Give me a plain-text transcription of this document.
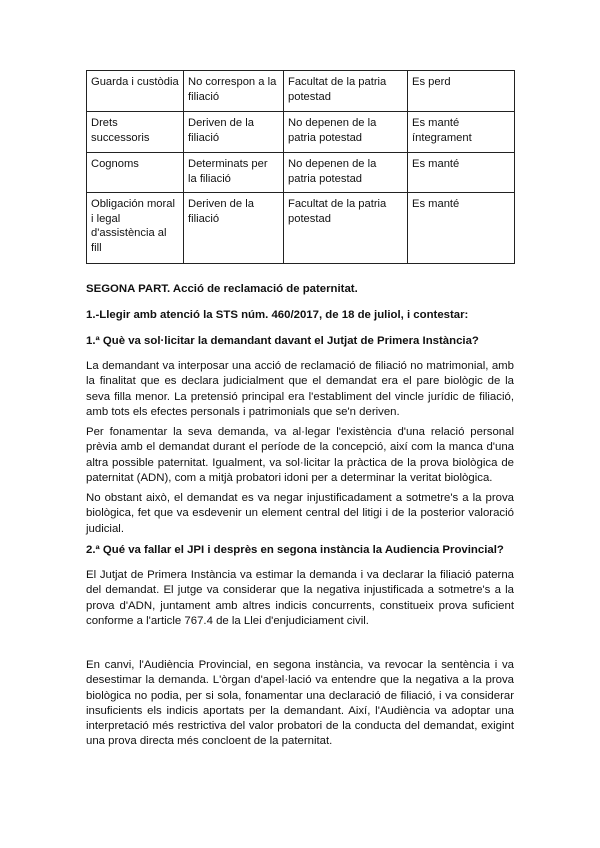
Guarda i custòdia	No correspon a la filiació	Facultat de la patria potestad	Es perd
Drets successoris	Deriven de la filiació	No depenen de la patria potestad	Es manté íntegrament
Cognoms	Determinats per la filiació	No depenen de la patria potestad	Es manté
Obligación moral i legal d'assistència al fill	Deriven de la filiació	Facultat de la patria potestad	Es manté
SEGONA PART. Acció de reclamació de paternitat.
1.-Llegir amb atenció la STS núm. 460/2017, de 18 de juliol, i contestar:
1.ª Què va sol·licitar la demandant davant el Jutjat de Primera Instància?

La demandant va interposar una acció de reclamació de filiació no matrimonial, amb la finalitat que es declara judicialment que el demandat era el pare biològic de la seva filla menor. La pretensió principal era l'establiment del vincle jurídic de filiació, amb tots els efectes personals i patrimonials que se'n deriven.

Per fonamentar la seva demanda, va al·legar l'existència d'una relació personal prèvia amb el demandat durant el període de la concepció, així com la manca d'una altra possible paternitat. Igualment, va sol·licitar la pràctica de la prova biològica de paternitat (ADN), com a mitjà probatori idoni per a determinar la veritat biològica.

No obstant això, el demandat es va negar injustificadament a sotmetre's a la prova biològica, fet que va esdevenir un element central del litigi i de la posterior valoració judicial.

2.ª Qué va fallar el JPI i desprès en segona instància la Audiencia Provincial?

El Jutjat de Primera Instància va estimar la demanda i va declarar la filiació paterna del demandat. El jutge va considerar que la negativa injustificada a sotmetre's a la prova d'ADN, juntament amb altres indicis concurrents, constitueix prova suficient conforme a l'article 767.4 de la Llei d'enjudiciament civil.

En canvi, l'Audiència Provincial, en segona instància, va revocar la sentència i va desestimar la demanda. L'òrgan d'apel·lació va entendre que la negativa a la prova biològica no podia, per si sola, fonamentar una declaració de filiació, i va considerar insuficients els indicis aportats per la demandant. Així, l'Audiència va adoptar una interpretació més restrictiva del valor probatori de la conducta del demandat, exigint una prova directa més concloent de la paternitat.
